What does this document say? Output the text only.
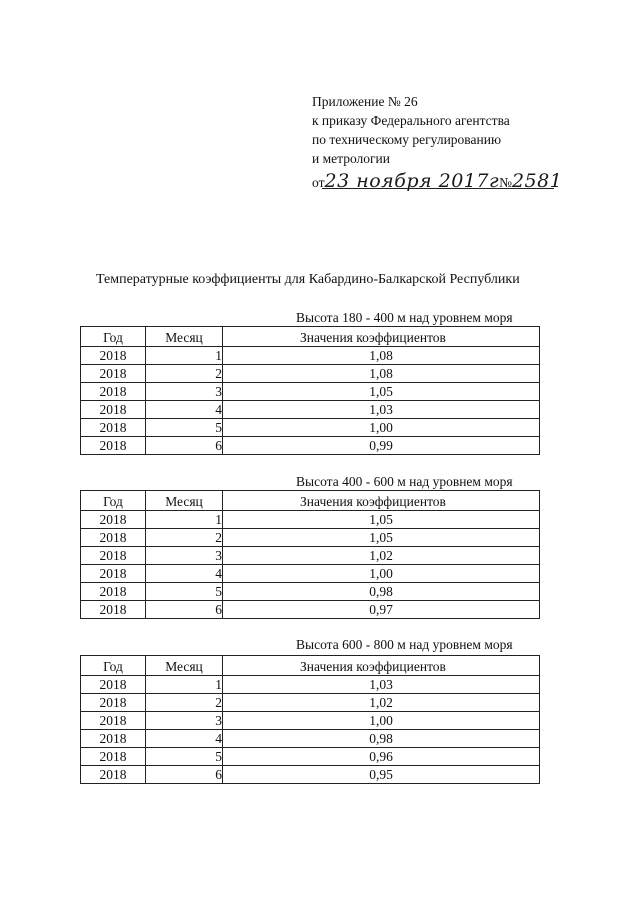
Приложение № 26
к приказу Федерального агентства
по техническому регулированию
и метрологии
от23 ноября 2017г№2581
Температурные коэффициенты для Кабардино-Балкарской Республики
Высота 180 - 400 м над уровнем моря
Год	Месяц	Значения коэффициентов
2018	1	1,08
2018	2	1,08
2018	3	1,05
2018	4	1,03
2018	5	1,00
2018	6	0,99
Высота 400 - 600 м над уровнем моря
Год	Месяц	Значения коэффициентов
2018	1	1,05
2018	2	1,05
2018	3	1,02
2018	4	1,00
2018	5	0,98
2018	6	0,97
Высота 600 - 800 м над уровнем моря
Год	Месяц	Значения коэффициентов
2018	1	1,03
2018	2	1,02
2018	3	1,00
2018	4	0,98
2018	5	0,96
2018	6	0,95
